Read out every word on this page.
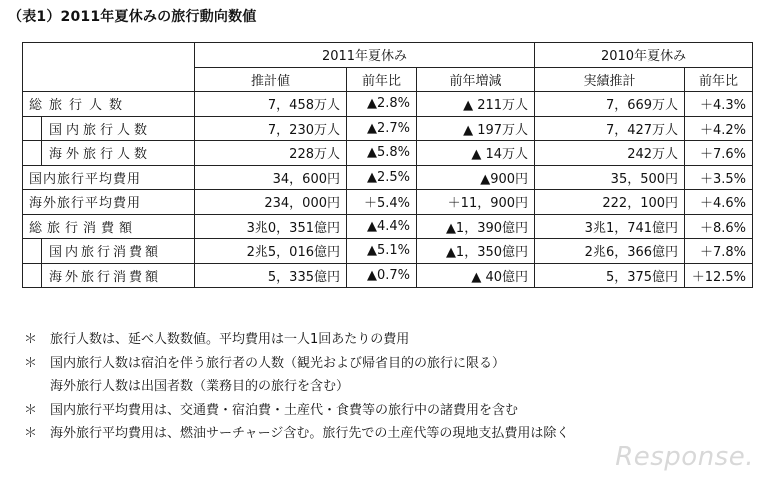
（表1）2011年夏休みの旅行動向数値
	2011年夏休み			2010年夏休み	
	推計値	前年比	前年増減	実績推計	前年比
総旅行人数	7，458万人	▲2.8%	▲ 211万人	7，669万人	＋4.3%
国内旅行人数	7，230万人	▲2.7%	▲ 197万人	7，427万人	＋4.2%
海外旅行人数	228万人	▲5.8%	▲ 14万人	242万人	＋7.6%
国内旅行平均費用	34，600円	▲2.5%	▲900円	35，500円	＋3.5%
海外旅行平均費用	234，000円	＋5.4%	＋11，900円	222，100円	＋4.6%
総旅行消費額	3兆0，351億円	▲4.4%	▲1，390億円	3兆1，741億円	＋8.6%
国内旅行消費額	2兆5，016億円	▲5.1%	▲1，350億円	2兆6，366億円	＋7.8%
海外旅行消費額	5，335億円	▲0.7%	▲ 40億円	5，375億円	＋12.5%
＊ 旅行人数は、延べ人数数値。平均費用は一人1回あたりの費用
＊ 国内旅行人数は宿泊を伴う旅行者の人数（観光および帰省目的の旅行に限る）
海外旅行人数は出国者数（業務目的の旅行を含む）
＊ 国内旅行平均費用は、交通費・宿泊費・土産代・食費等の旅行中の諸費用を含む
＊ 海外旅行平均費用は、燃油サーチャージ含む。旅行先での土産代等の現地支払費用は除く
Response.
